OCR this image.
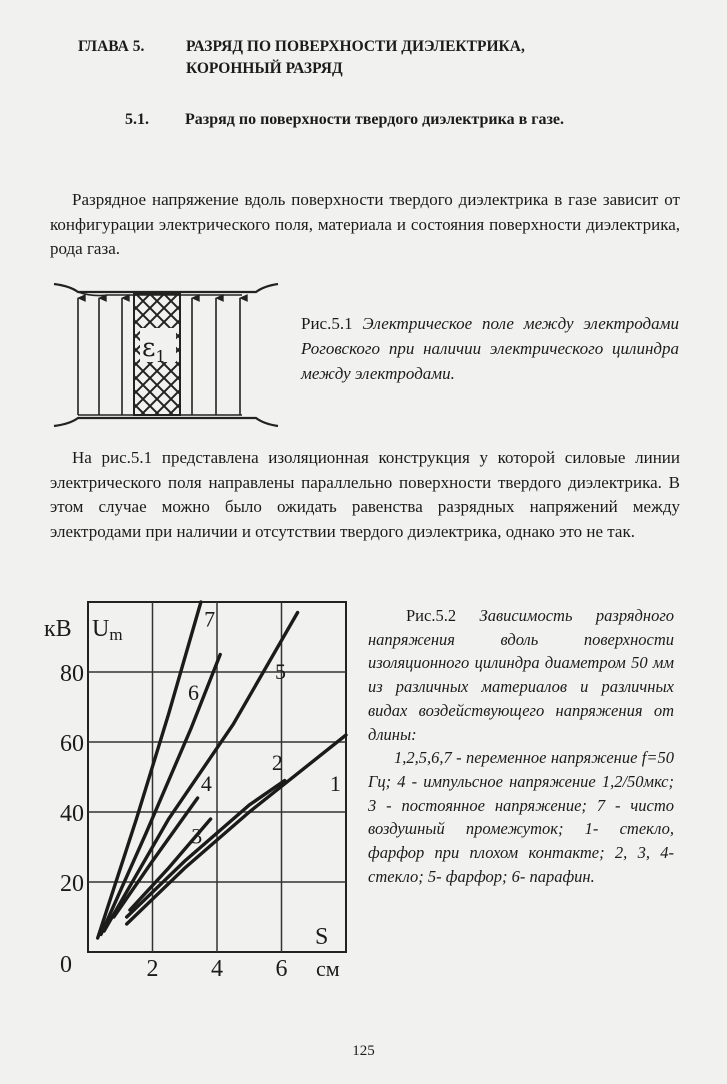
ГЛАВА 5.	РАЗРЯД ПО ПОВЕРХНОСТИ ДИЭЛЕКТРИКА, КОРОННЫЙ РАЗРЯД
5.1. Разряд по поверхности твердого диэлектрика в газе.

Разрядное напряжение вдоль поверхности твердого диэлектрика в газе зависит от конфигурации электрического поля, материала и состояния поверхности диэлектрика, рода газа.

$\varepsilon_1$
Рис.5.1 Электрическое поле между электродами Роговского при наличии электрического цилиндра между электродами.

На рис.5.1 представлена изоляционная конструкция у которой силовые линии электрического поля направлены параллельно поверхности твердого диэлектрика. В этом случае можно было ожидать равенства разрядных напряжений между электродами при наличии и отсутствии твердого диэлектрика, однако это не так.

1
2
3
4
5
6
7
2 4 6
20
40
60
80
кВ Um
S
см
0
Рис.5.2 Зависимость разрядного напряжения вдоль поверхности изоляционного цилиндра диаметром 50 мм из различных материалов и различных видах воздействующего напряжения от длины:
1,2,5,6,7 - переменное напряжение f=50 Гц; 4 - импульсное напряжение 1,2/50мкс; 3 - постоянное напряжение; 7 - чисто воздушный промежуток; 1- стекло, фарфор при плохом контакте; 2, 3, 4- стекло; 5- фарфор; 6- парафин.
125
